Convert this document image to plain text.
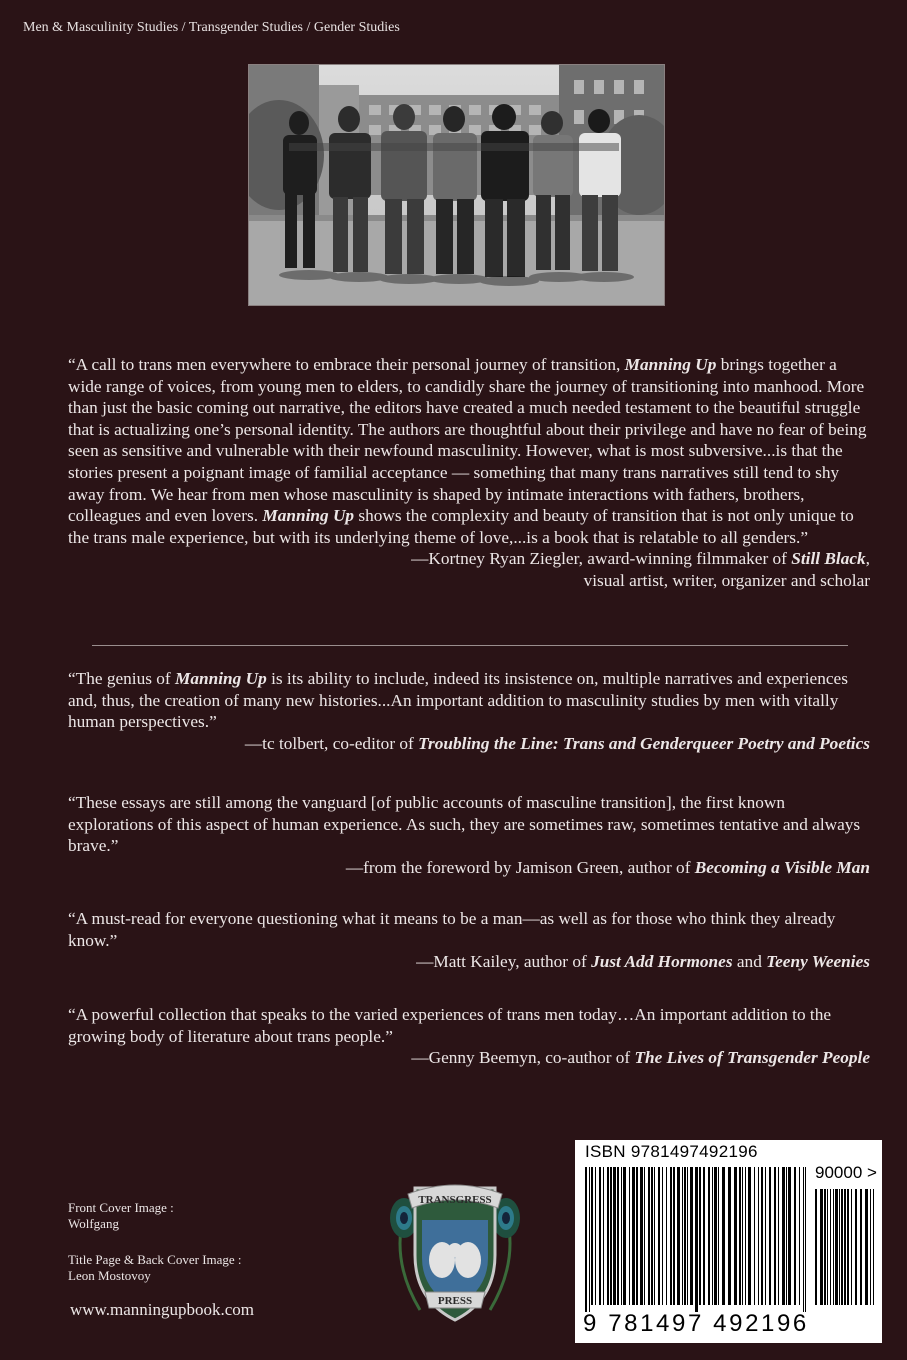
Men & Masculinity Studies / Transgender Studies / Gender Studies

“A call to trans men everywhere to embrace their personal journey of transition, Manning Up brings together a wide range of voices, from young men to elders, to candidly share the journey of transitioning into manhood. More than just the basic coming out narrative, the editors have created a much needed testament to the beautiful struggle that is actualizing one’s personal identity. The authors are thoughtful about their privilege and have no fear of being seen as sensitive and vulnerable with their newfound masculinity. However, what is most subversive...is that the stories present a poignant image of familial acceptance — something that many trans narratives still tend to shy away from. We hear from men whose masculinity is shaped by intimate interactions with fathers, brothers, colleagues and even lovers. Manning Up shows the complexity and beauty of transition that is not only unique to the trans male experience, but with its underlying theme of love,...is a book that is relatable to all genders.”

—Kortney Ryan Ziegler, award-winning filmmaker of Still Black,

visual artist, writer, organizer and scholar

“The genius of Manning Up is its ability to include, indeed its insistence on, multiple narratives and experiences and, thus, the creation of many new histories...An important addition to masculinity studies by men with vitally human perspectives.”

—tc tolbert, co-editor of Troubling the Line: Trans and Genderqueer Poetry and Poetics

“These essays are still among the vanguard [of public accounts of masculine transition], the first known explorations of this aspect of human experience. As such, they are sometimes raw, sometimes tentative and always brave.”

—from the foreword by Jamison Green, author of Becoming a Visible Man

“A must-read for everyone questioning what it means to be a man—as well as for those who think they already know.”

—Matt Kailey, author of Just Add Hormones and Teeny Weenies

“A powerful collection that speaks to the varied experiences of trans men today…An important addition to the growing body of literature about trans people.”

—Genny Beemyn, co-author of The Lives of Transgender People

Front Cover Image :
Wolfgang
Title Page & Back Cover Image :
Leon Mostovoy
www.manningupbook.com
TRANSGRESS
PRESS
ISBN 9781497492196
90000 >
9 781497 492196
